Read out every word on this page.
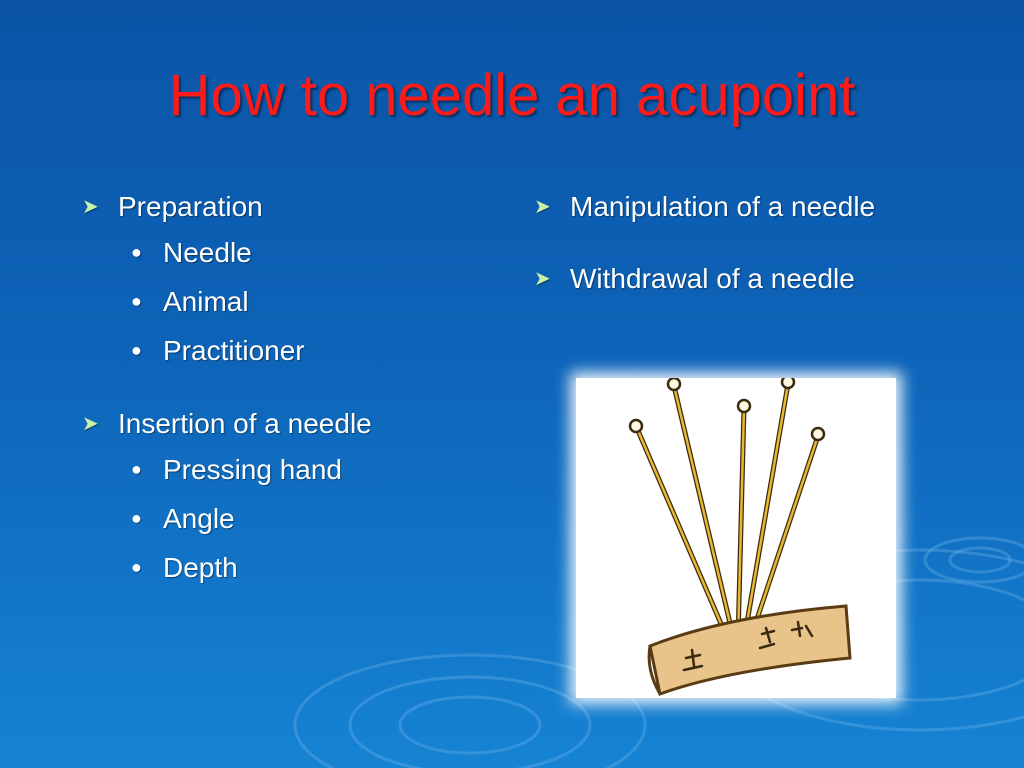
How to needle an acupoint
➤ Preparation
● Needle
● Animal
● Practitioner
➤ Insertion of a needle
● Pressing hand
● Angle
● Depth
➤ Manipulation of a needle
➤ Withdrawal of a needle
